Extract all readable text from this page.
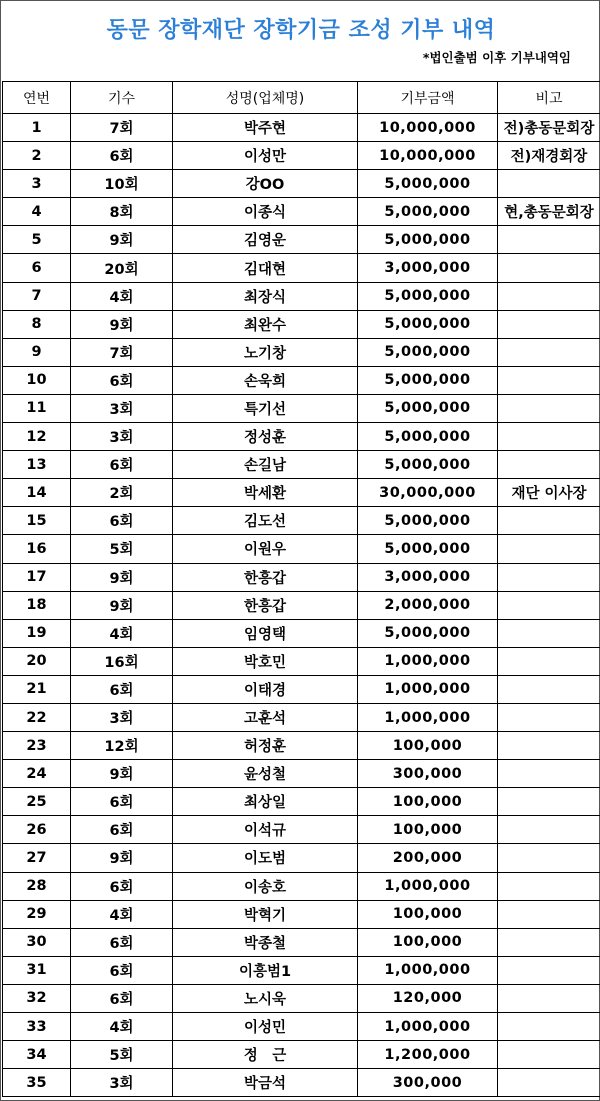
동문 장학재단 장학기금 조성 기부 내역
*법인출범 이후 기부내역임
연번	기수	성명(업체명)	기부금액	비고
1	7회	박주현	10,000,000	전)총동문회장
2	6회	이성만	10,000,000	전)재경회장
3	10회	강OO	5,000,000	
4	8회	이종식	5,000,000	현,총동문회장
5	9회	김영운	5,000,000	
6	20회	김대현	3,000,000	
7	4회	최장식	5,000,000	
8	9회	최완수	5,000,000	
9	7회	노기창	5,000,000	
10	6회	손욱희	5,000,000	
11	3회	특기선	5,000,000	
12	3회	정성훈	5,000,000	
13	6회	손길남	5,000,000	
14	2회	박세환	30,000,000	재단 이사장
15	6회	김도선	5,000,000	
16	5회	이원우	5,000,000	
17	9회	한흥갑	3,000,000	
18	9회	한흥갑	2,000,000	
19	4회	임영택	5,000,000	
20	16회	박호민	1,000,000	
21	6회	이태경	1,000,000	
22	3회	고훈석	1,000,000	
23	12회	허정훈	100,000	
24	9회	윤성철	300,000	
25	6회	최상일	100,000	
26	6회	이석규	100,000	
27	9회	이도범	200,000	
28	6회	이송호	1,000,000	
29	4회	박혁기	100,000	
30	6회	박종철	100,000	
31	6회	이흥범1	1,000,000	
32	6회	노시욱	120,000	
33	4회	이성민	1,000,000	
34	5회	정　근	1,200,000	
35	3회	박금석	300,000	
